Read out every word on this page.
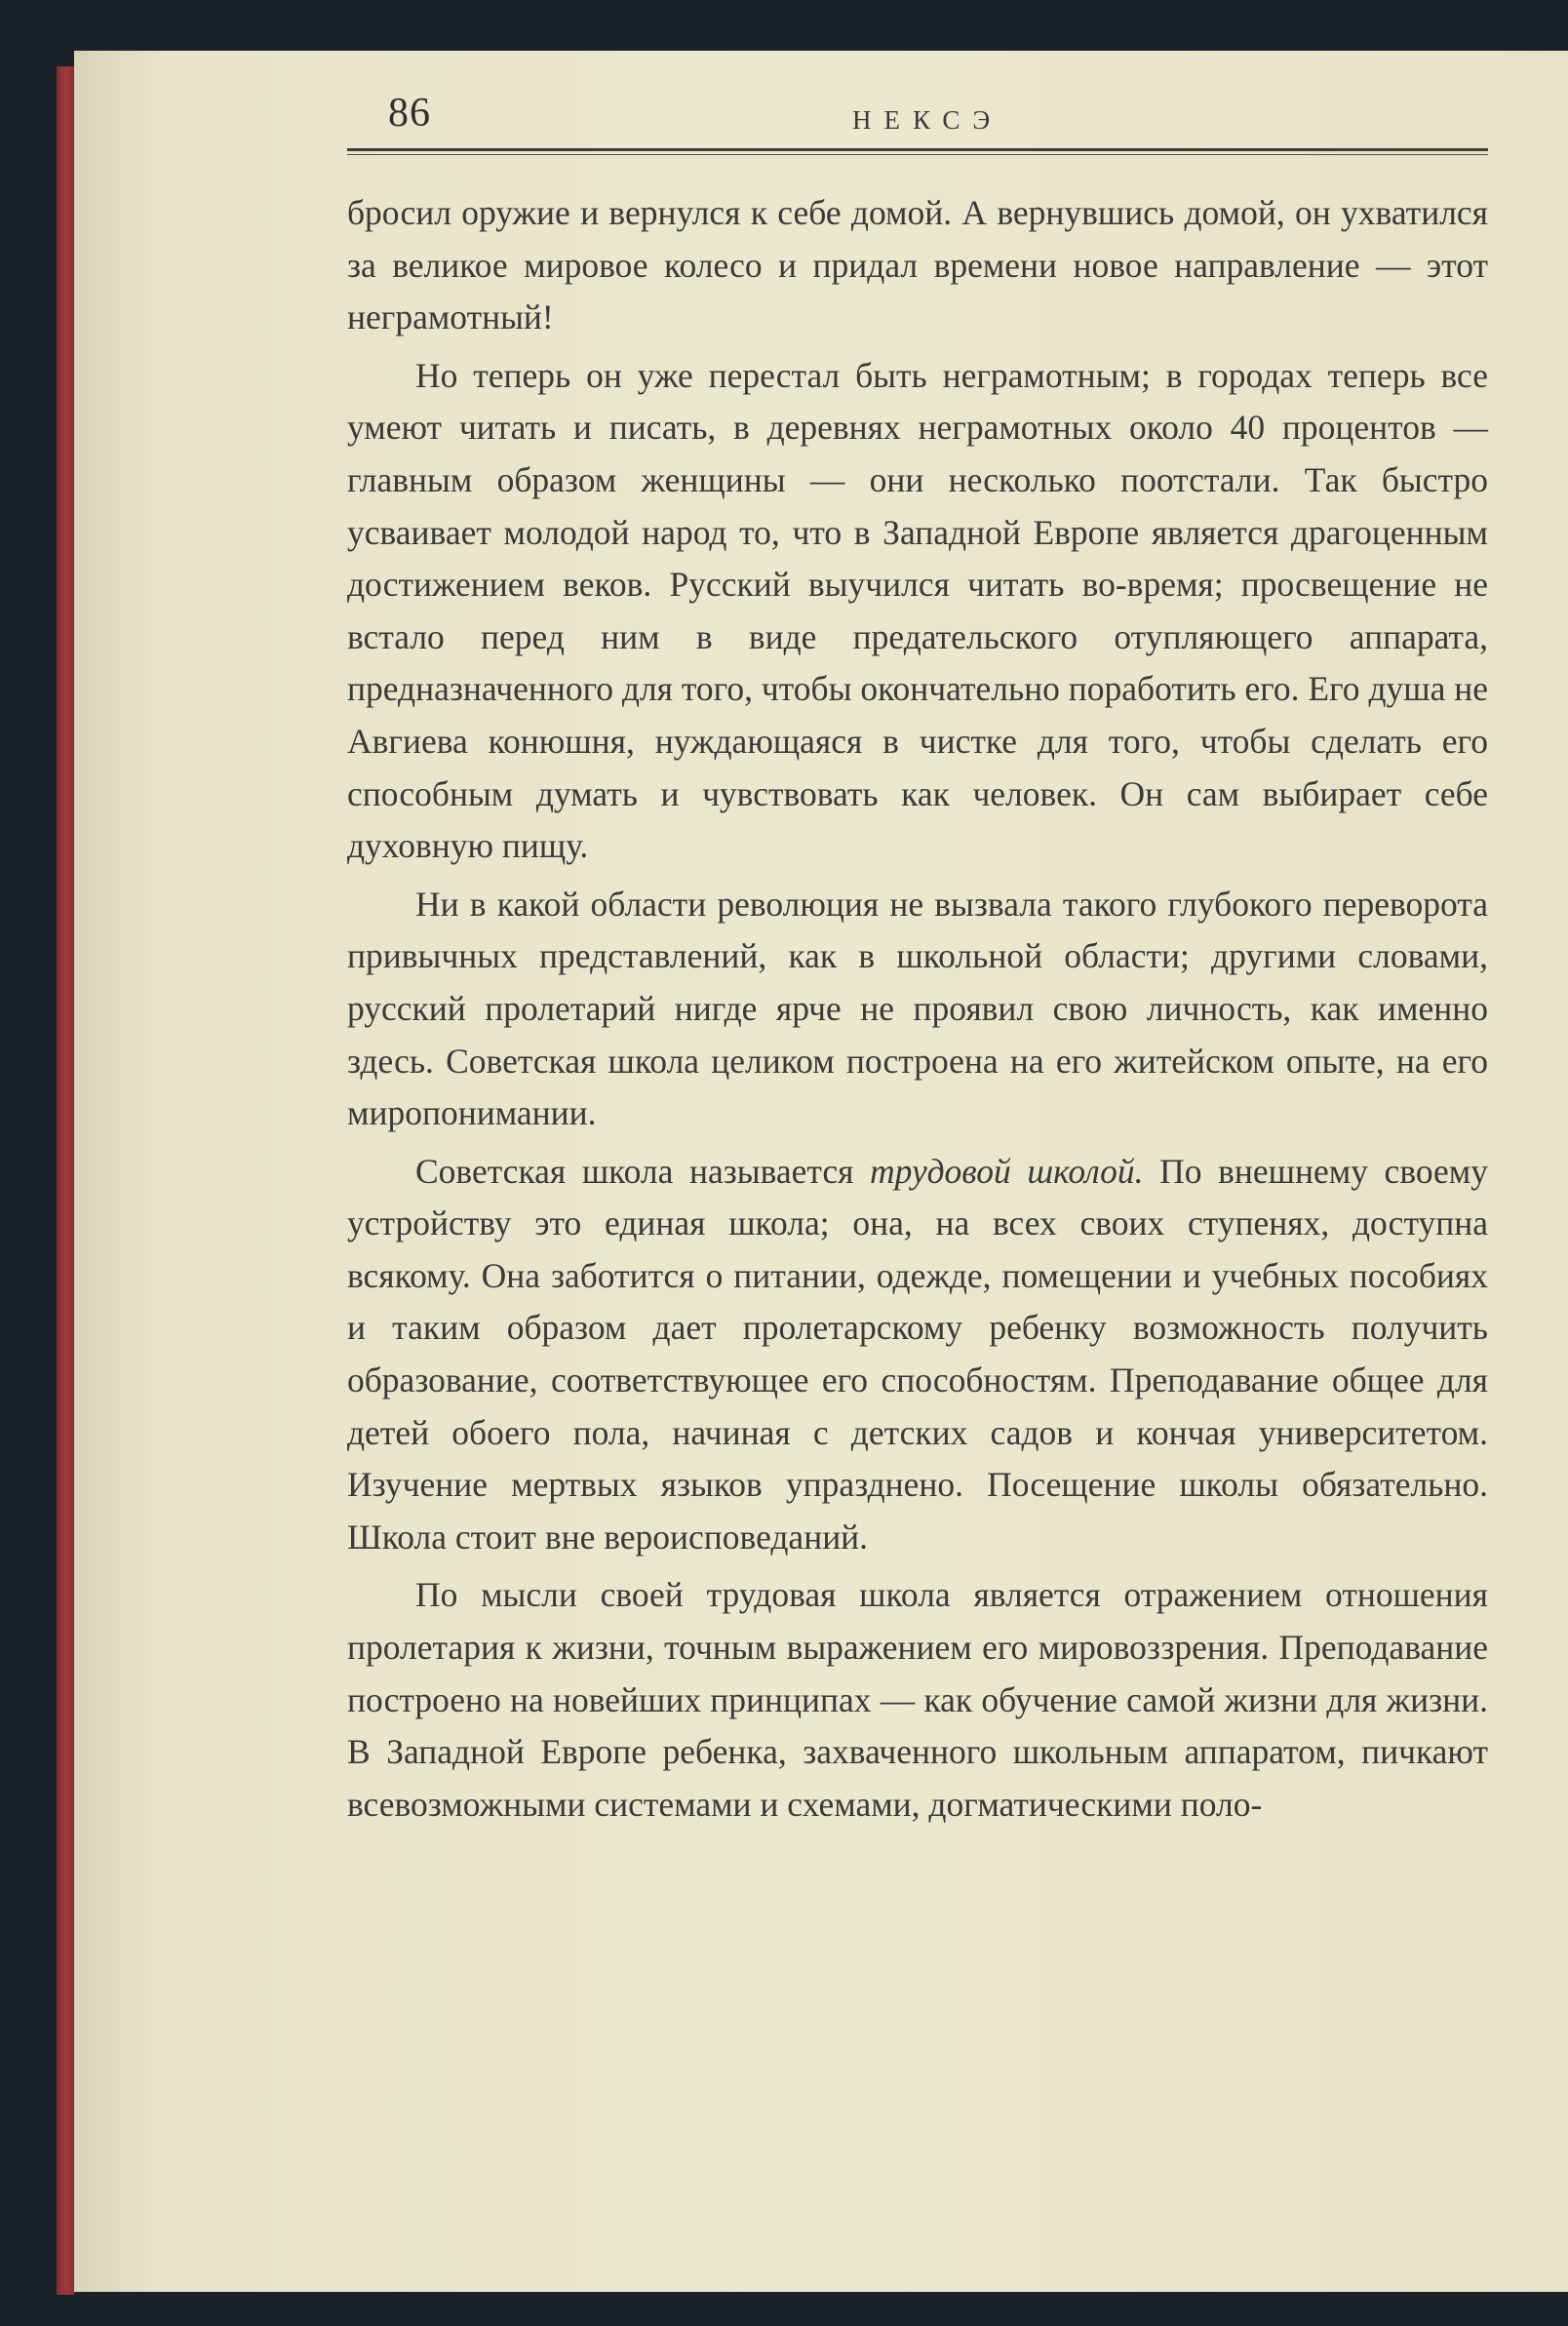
86	НЕКСЭ

бросил оружие и вернулся к себе домой. А вернувшись домой, он ухватился за великое мировое колесо и придал времени новое направление — этот неграмотный!

Но теперь он уже перестал быть неграмотным; в городах теперь все умеют читать и писать, в деревнях неграмотных около 40 процентов — главным образом женщины — они несколько поотстали. Так быстро усваивает молодой народ то, что в Западной Европе является драгоценным достижением веков. Русский выучился читать во-время; просвещение не встало перед ним в виде предательского отупляющего аппарата, предназначенного для того, чтобы окончательно поработить его. Его душа не Авгиева конюшня, нуждающаяся в чистке для того, чтобы сделать его способным думать и чувствовать как человек. Он сам выбирает себе духовную пищу.

Ни в какой области революция не вызвала такого глубокого переворота привычных представлений, как в школьной области; другими словами, русский пролетарий нигде ярче не проявил свою личность, как именно здесь. Советская школа целиком построена на его житейском опыте, на его миропонимании.

Советская школа называется трудовой школой. По внешнему своему устройству это единая школа; она, на всех своих ступенях, доступна всякому. Она заботится о питании, одежде, помещении и учебных пособиях и таким образом дает пролетарскому ребенку возможность получить образование, соответствующее его способностям. Преподавание общее для детей обоего пола, начиная с детских садов и кончая университетом. Изучение мертвых языков упразднено. Посещение школы обязательно. Школа стоит вне вероисповеданий.

По мысли своей трудовая школа является отражением отношения пролетария к жизни, точным выражением его мировоззрения. Преподавание построено на новейших принципах — как обучение самой жизни для жизни. В Западной Европе ребенка, захваченного школьным аппаратом, пичкают всевозможными системами и схемами, догматическими поло-
